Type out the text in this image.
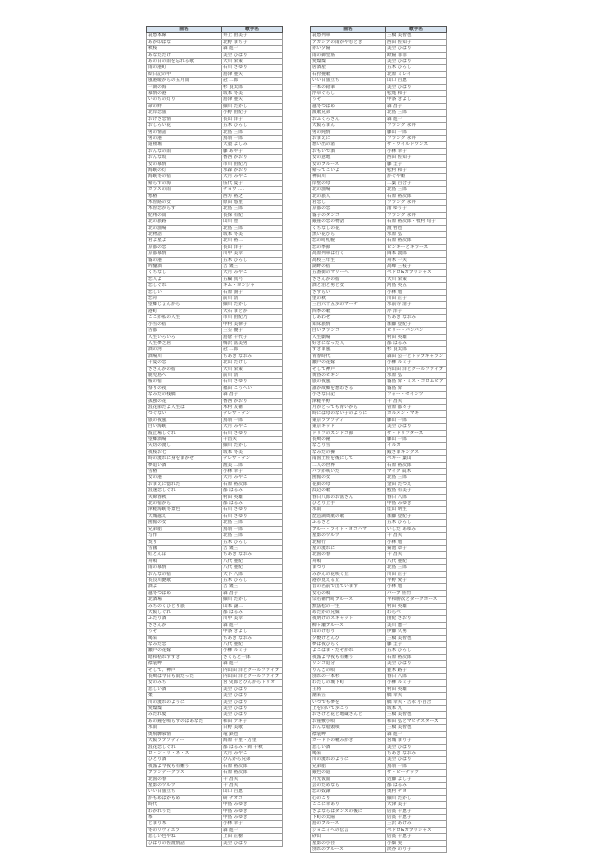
曲名	歌手名
哀愁本線	井上 由美子
あか印ばな	北野 まち子
秋桜	森 進一
あなただけ	美空 ひばり
あの日の雨を忘れる歌	大川 栄策
雨の港町	石川 さゆり
絵日記の中	島津 亜矢
風港暖からの五月雨	冠 二郎
一期の海	杉 良太郎
慕情の港	坂本 冬美
いのちの灯り	島津 亜矢
命の絆	細川 たかし
北岸恋旅	小野 由紀子
おけさ恋情	長山 洋子
おしろい花	五木 ひろし
男の情話	北島 三郎
男の港	鳥羽 一郎
道頓堀	天童 よしみ
おんなの雨	藤 あや子
おんな坂	香西 かおり
女の慕情	市川 由紀乃
海峡の灯	水森 かおり
海峡冬の宿	大月 みやこ
帰らずの海	伍代 夏子
ガラスの雨	チョウ ....
寒椿	西方 裕之
木曽路の女	原田 悠里
木曽恋がらす	北島 三郎
紀州の雨	長保 有紀
北の旅路	山川 豊
北の漁場	北島 三郎
北物語	坂本 冬美
君よ星よ	北川 裕二
京都の恋	長山 洋子
京都慕情	川中 美幸
霧の港	五木 ひろし
吟醸酒	吉 幾三
くちなし	大月 みやこ
恋人よ	五輪 真弓
恋しぐれ	キム・ヨンジャ
恋しい	石原 詢子
恋舟	前川 清
望郷じょんから	細川 たかし
港町	大石 まどか
ここが私の人生	市川 由紀乃
小雪の宿	中村 美律子
古都	三笠 優子
人生いろいろ	島倉 千代子
人生夢芝居	梅沢 富美男
酒の河	冠 二郎
酒場川	ちあき なおみ
千夏の恋	北山 たけし
さざんかの宿	大川 栄策
鹿児島へ	前川 清
桜の宿	石川 さゆり
祭りの夜	福田 こうへい
なみだの桟橋	森 昌子
孤独の花	香西 かおり
浪花節だよ人生は	木村 友衛
つぐない	テレサ・テン
旅の夜風	鳥羽 一郎
白い海峡	大月 みやこ
波止場しぐれ	石川 さゆり
望郷酒場	千昌夫
矢切の渡し	細川 たかし
夜桜お七	坂本 冬美
時の流れに身をまかせ	テレサ・テン
夢追い酒	渥美 二郎
雪椿	小林 幸子
女の港	大月 みやこ
おまえに惚れた	石原 裕次郎
浪速恋しぐれ	都 はるみ
夫婦春秋	村田 英雄
北の宿から	都 はるみ
津軽海峡冬景色	石川 さゆり
天城越え	石川 さゆり
函館の女	北島 三郎
兄弟船	鳥羽 一郎
与作	北島 三郎
契り	五木 ひろし
雪國	吉 幾三
紅とんぼ	ちあき なおみ
舟唄	八代 亜紀
雨の慕情	八代 亜紀
おんなの宿	大下 八郎
長良川艶歌	五木 ひろし
酒よ	吉 幾三
越冬つばめ	森 昌子
北酒場	細川 たかし
みちのくひとり旅	山本 譲二
大阪しぐれ	都 はるみ
ふたり酒	川中 美幸
さざんか	森 進一
うそ	中条 きよし
喝采	ちあき なおみ
なみだ恋	八代 亜紀
瀬戸の花嫁	小柳 ルミ子
昭和枯れすすき	さくらと一郎
襟裳岬	森 進一
そして、神戸	内山田 洋とクールファイブ
長崎は今日も雨だった	内山田 洋とクールファイブ
女のみち	宮 史郎とぴんからトリオ
悲しい酒	美空 ひばり
柔	美空 ひばり
川の流れのように	美空 ひばり
愛燦燦	美空 ひばり
みだれ髪	美空 ひばり
あの鐘を鳴らすのはあなた	和田 アキ子
氷雨	日野 美歌
奥飛騨慕情	竜 鉄也
大阪ラプソディー	海原 千里・万里
浪花恋しぐれ	都 はるみ・岡 千秋
ロ・ン・リ・ネ・ス	大月 みやこ
ひとり酒	ぴんから兄弟
夜霧よ今夜も有難う	石原 裕次郎
ブランデーグラス	石原 裕次郎
北国の春	千 昌夫
星影のワルツ	千 昌夫
いい日旅立ち	山口 百恵
かもめはかもめ	研 ナオコ
時代	中島 みゆき
わかれうた	中島 みゆき
糸	中島 みゆき
とまり木	小林 幸子
冬のリヴィエラ	森 進一
悲しい色やね	上田 正樹
ひばりの佐渡情話	美空 ひばり
曲名	歌手名
哀愁列車	三橋 美智也
アカシアの雨がやむとき	西田 佐知子
赤い夕陽	美空 ひばり
雨の御堂筋	欧陽 菲菲
愛燦燦	美空 ひばり
居酒屋	五木 ひろし
石狩挽歌	北原 ミレイ
いい日旅立ち	山口 百恵
一本の鉛筆	美空 ひばり
浮草ぐらし	松尾 和子
うそ	中条 きよし
越冬つばめ	森 昌子
演歌兄弟	北島 三郎
おふくろさん	森 進一
大阪ろまん	フランク 永井
男の純情	藤山 一郎
おまえに	フランク 永井
想い出の渚	ザ・ワイルドワンズ
おもいで酒	小林 幸子
女の意地	西田 佐知子
女のブルース	藤 圭子
帰ってこいよ	松村 和子
神田川	かぐや姫
岸壁の母	二葉 百合子
北の漁場	北島 三郎
北の旅人	石原 裕次郎
君恋し	フランク 永井
京都の恋	渚 ゆう子
霧子のタンゴ	フランク 永井
銀座の恋の物語	石原 裕次郎・牧村 旬子
くちなしの花	渡 哲也
黒い花びら	水原 弘
恋の町札幌	石原 裕次郎
恋の季節	ピンキーとキラーズ
高原列車は行く	岡本 敦郎
高校三年生	舟木 一夫
湖畔の宿	高峰 三枝子
五番街のマリーへ	ペドロ&カプリシャス
さざんかの宿	大川 栄策
酒と泪と男と女	河島 英五
さすらい	小林 旭
里の秋	川田 正子
三百六十五歩のマーチ	水前寺 清子
四季の歌	芹 洋子
しあわせ	ちあき なおみ
知床旅情	加藤 登紀子
白いブランコ	ビリー・バンバン
人生劇場	村田 英雄
好きになった人	都 はるみ
すきま風	杉 良太郎
青春時代	森田 公一とトップギャラン
瀬戸の花嫁	小柳 ルミ子
そして神戸	内山田 洋とクールファイブ
黄昏のビギン	水原 弘
旅の夜風	霧島 昇・ミス・コロムビア
誰か故郷を想わざる	霧島 昇
小さな日記	フォー・セインツ
津軽平野	千 昌夫
月がとっても青いから	菅原 都々子
時には母のない子のように	カルメン・マキ
東京ラプソディ	藤山 一郎
東京キッド	美空 ひばり
ドリフのズンドコ節	ザ・ドリフターズ
長崎の鐘	藤山 一郎
なごり雪	イルカ
なみだの操	殿さまキングス
南国土佐を後にして	ペギー 葉山
二人の世界	石原 裕次郎
バラが咲いた	マイク 眞木
函館の女	北島 三郎
花街の母	金田 たつえ
浜辺の歌	鮫島 有美子
春日八郎のお富さん	春日 八郎
ひとり上手	中島 みゆき
氷雨	佳山 明生
琵琶湖周航の歌	加藤 登紀子
ふるさと	五木 ひろし
ブルー・ライト・ヨコハマ	いしだ あゆみ
星影のワルツ	千 昌夫
北帰行	小林 旭
星の流れに	菊池 章子
北国の春	千 昌夫
舟唄	八代 亜紀
まつり	北島 三郎
みかんの花咲く丘	川田 正子
港が見える丘	平野 愛子
昔の名前で出ています	小林 旭
女心の唄	バーブ 佐竹
宗右衛門町ブルース	平和勝次とダークホース
無法松の一生	村田 英雄
めだかの兄妹	わらべ
夜明けのスキャット	由紀 さおり
柳ヶ瀬ブルース	美川 憲一
山のけむり	伊藤 久男
夕焼けとんび	三橋 美智也
夢は夜ひらく	藤 圭子
よこはま・たそがれ	五木 ひろし
夜霧よ今夜も有難う	石原 裕次郎
リンゴ追分	美空 ひばり
りんごの唄	並木 路子
別れの一本杉	春日 八郎
わたしの城下町	小柳 ルミ子
王将	村田 英雄
潮来笠	橋 幸夫
いつでも夢を	橋 幸夫・吉永 小百合
上を向いて歩こう	坂本 九
おさげと花と地蔵さんと	三橋 美智也
お座敷小唄	和田 弘とマヒナスターズ
おんな船頭唄	三橋 美智也
襟裳岬	森 進一
ガード下の靴みがき	宮城 まり子
悲しい酒	美空 ひばり
喝采	ちあき なおみ
川の流れのように	美空 ひばり
兄弟船	鳥羽 一郎
銀色の道	ザ・ピーナッツ
月光仮面	近藤 よし子
芸のためなら	都 はるみ
恋の奴隷	奥村 チヨ
心のこり	細川 たかし
ここに幸あり	大津 美子
さよならはダンスの後に	倍賞 千恵子
下町の太陽	倍賞 千恵子
島のブルース	三沢 あけみ
ジョニィへの伝言	ペドロ&カプリシャス
砂山	倍賞 千恵子
星影の小径	小畑 実
別れのブルース	淡谷 のり子
